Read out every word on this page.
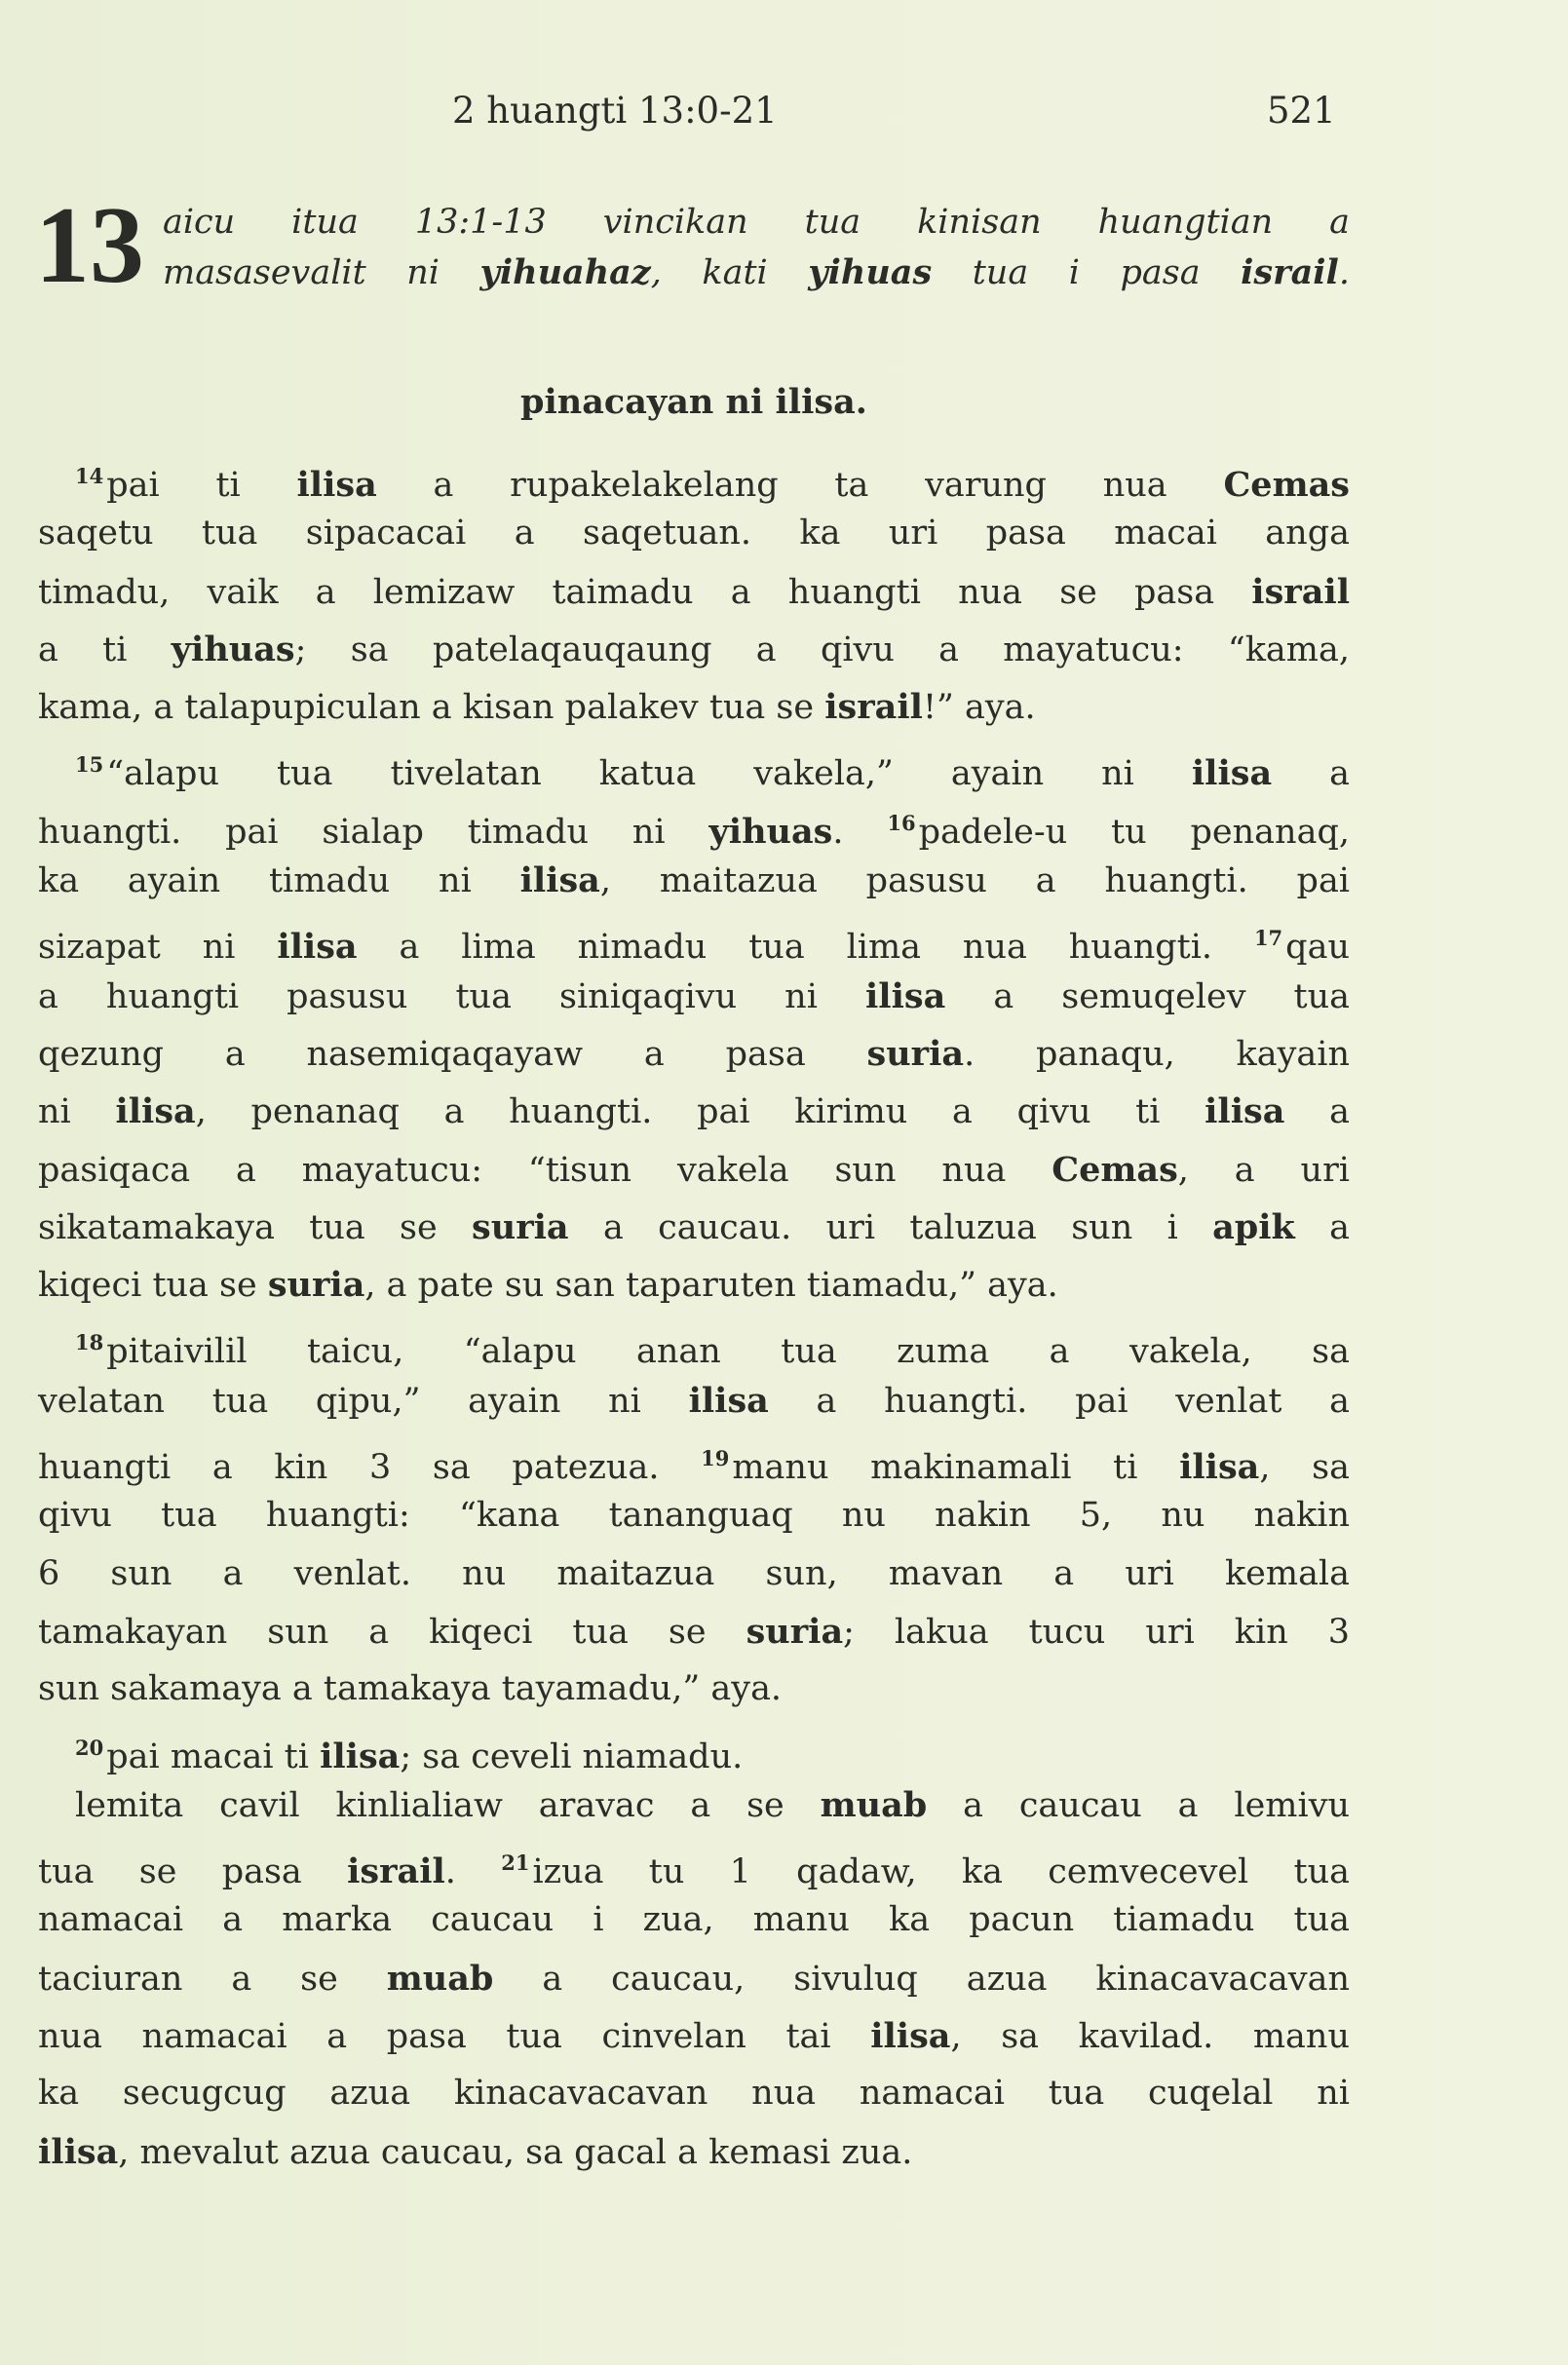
2 huangti 13:0-21	521
13 aicu itua 13:1-13 vincikan tua kinisan huangtian a
masasevalit ni yihuahaz, kati yihuas tua i pasa israil.
pinacayan ni ilisa.
$^{14}$pai ti ilisa a rupakelakelang ta varung nua Cemas
saqetu tua sipacacai a saqetuan. ka uri pasa macai anga
timadu, vaik a lemizaw taimadu a huangti nua se pasa israil
a ti yihuas; sa patelaqauqaung a qivu a mayatucu: “kama,
kama, a talapupiculan a kisan palakev tua se israil!” aya.
$^{15}$“alapu tua tivelatan katua vakela,” ayain ni ilisa a
huangti. pai sialap timadu ni yihuas. $^{16}$padele-u tu penanaq,
ka ayain timadu ni ilisa, maitazua pasusu a huangti. pai
sizapat ni ilisa a lima nimadu tua lima nua huangti. $^{17}$qau
a huangti pasusu tua siniqaqivu ni ilisa a semuqelev tua
qezung a nasemiqaqayaw a pasa suria. panaqu, kayain
ni ilisa, penanaq a huangti. pai kirimu a qivu ti ilisa a
pasiqaca a mayatucu: “tisun vakela sun nua Cemas, a uri
sikatamakaya tua se suria a caucau. uri taluzua sun i apik a
kiqeci tua se suria, a pate su san taparuten tiamadu,” aya.
$^{18}$pitaivilil taicu, “alapu anan tua zuma a vakela, sa
velatan tua qipu,” ayain ni ilisa a huangti. pai venlat a
huangti a kin 3 sa patezua. $^{19}$manu makinamali ti ilisa, sa
qivu tua huangti: “kana tananguaq nu nakin 5, nu nakin
6 sun a venlat. nu maitazua sun, mavan a uri kemala
tamakayan sun a kiqeci tua se suria; lakua tucu uri kin 3
sun sakamaya a tamakaya tayamadu,” aya.
$^{20}$pai macai ti ilisa; sa ceveli niamadu.
lemita cavil kinlialiaw aravac a se muab a caucau a lemivu
tua se pasa israil. $^{21}$izua tu 1 qadaw, ka cemvecevel tua
namacai a marka caucau i zua, manu ka pacun tiamadu tua
taciuran a se muab a caucau, sivuluq azua kinacavacavan
nua namacai a pasa tua cinvelan tai ilisa, sa kavilad. manu
ka secugcug azua kinacavacavan nua namacai tua cuqelal ni
ilisa, mevalut azua caucau, sa gacal a kemasi zua.
